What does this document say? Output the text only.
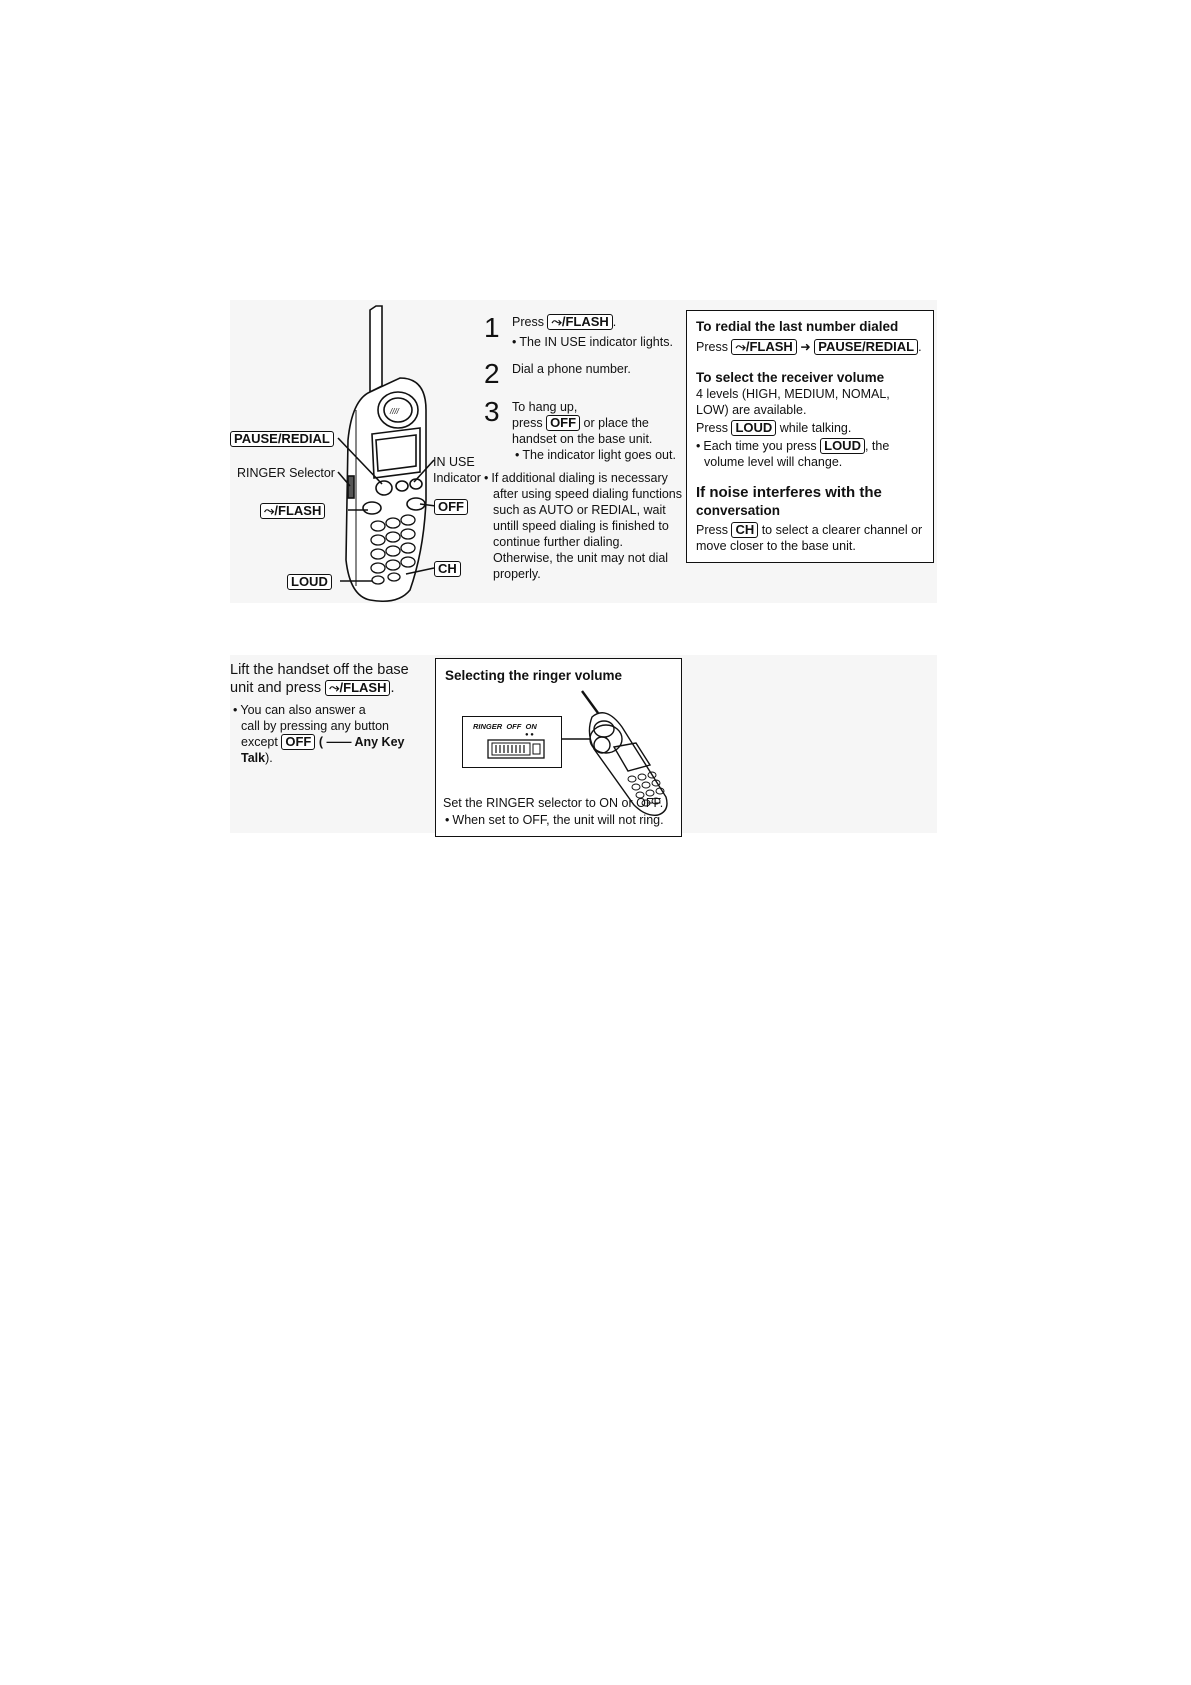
////
PAUSE/REDIAL
RINGER Selector
⤳/FLASH
LOUD
IN USE
Indicator
OFF
CH
1 Press ⤳/FLASH .
• The IN USE indicator lights.
2 Dial a phone number.
3 To hang up,
press OFF or place the
handset on the base unit.
• The indicator light goes out.
• If additional dialing is necessary
after using speed dialing functions
such as AUTO or REDIAL, wait
untill speed dialing is finished to
continue further dialing.
Otherwise, the unit may not dial
properly.
To redial the last number dialed
Press ⤳/FLASH ➜ PAUSE/REDIAL .
To select the receiver volume
4 levels (HIGH, MEDIUM, NOMAL,
LOW) are available.
Press LOUD while talking.
• Each time you press LOUD , the
volume level will change.
If noise interferes with the
conversation
Press CH to select a clearer channel or
move closer to the base unit.
Lift the handset off the base
unit and press ⤳/FLASH .
• You can also answer a
call by pressing any button
except OFF ( —— Any Key
Talk).
Selecting the ringer volume
RINGER  OFF  ON
● ●
Set the RINGER selector to ON or OFF.
• When set to OFF, the unit will not ring.
